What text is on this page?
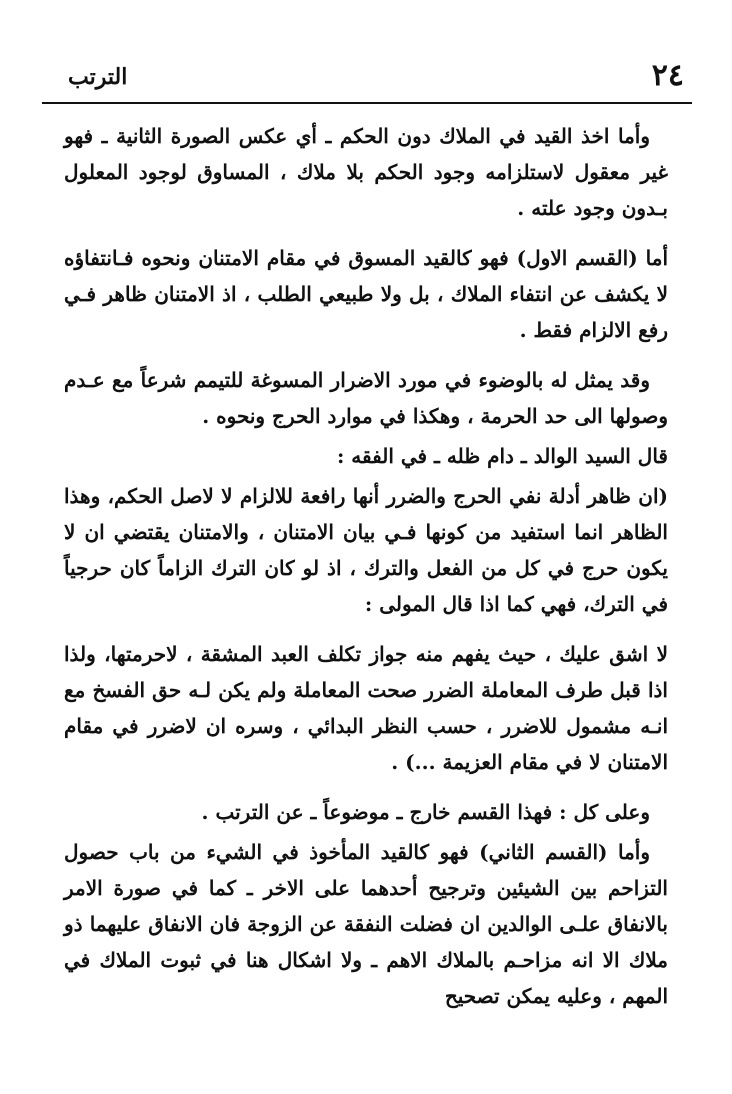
٢٤
الترتب

وأما اخذ القيد في الملاك دون الحكم ـ أي عكس الصورة الثانية ـ فهو غير معقول لاستلزامه وجود الحكم بلا ملاك ، المساوق لوجود المعلول بـدون وجود علته .

أما (القسم الاول) فهو كالقيد المسوق في مقام الامتنان ونحوه فـانتفاؤه لا يكشف عن انتفاء الملاك ، بل ولا طبيعي الطلب ، اذ الامتنان ظاهر فـي رفع الالزام فقط .

وقد يمثل له بالوضوء في مورد الاضرار المسوغة للتيمم شرعاً مع عـدم وصولها الى حد الحرمة ، وهكذا في موارد الحرج ونحوه .

قال السيد الوالد ـ دام ظله ـ في الفقه :

(ان ظاهر أدلة نفي الحرج والضرر أنها رافعة للالزام لا لاصل الحكم، وهذا الظاهر انما استفيد من كونها فـي بيان الامتنان ، والامتنان يقتضي ان لا يكون حرج في كل من الفعل والترك ، اذ لو كان الترك الزاماً كان حرجياً في الترك، فهي كما اذا قال المولى :

لا اشق عليك ، حيث يفهم منه جواز تكلف العبد المشقة ، لاحرمتها، ولذا اذا قبل طرف المعاملة الضرر صحت المعاملة ولم يكن لـه حق الفسخ مع انـه مشمول للاضرر ، حسب النظر البدائي ، وسره ان لاضرر في مقام الامتنان لا في مقام العزيمة ...) .

وعلى كل : فهذا القسم خارج ـ موضوعاً ـ عن الترتب .

وأما (القسم الثاني) فهو كالقيد المأخوذ في الشيء من باب حصول التزاحم بين الشيئين وترجيح أحدهما على الاخر ـ كما في صورة الامر بالانفاق علـى الوالدين ان فضلت النفقة عن الزوجة فان الانفاق عليهما ذو ملاك الا انه مزاحـم بالملاك الاهم ـ ولا اشكال هنا في ثبوت الملاك في المهم ، وعليه يمكن تصحيح
